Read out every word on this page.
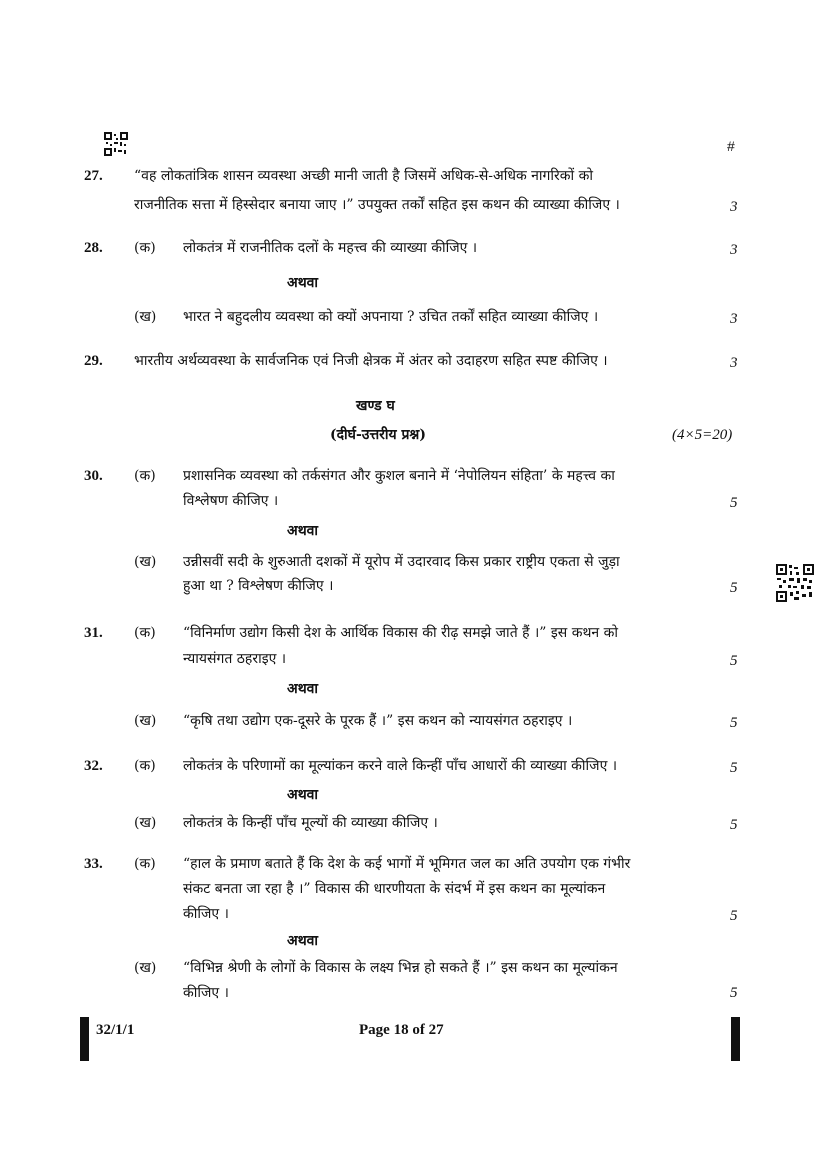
#
27. “वह लोकतांत्रिक शासन व्यवस्था अच्छी मानी जाती है जिसमें अधिक-से-अधिक नागरिकों को
राजनीतिक सत्ता में हिस्सेदार बनाया जाए ।” उपयुक्त तर्कों सहित इस कथन की व्याख्या कीजिए ।	3
28. (क) लोकतंत्र में राजनीतिक दलों के महत्त्व की व्याख्या कीजिए ।	3
अथवा
(ख) भारत ने बहुदलीय व्यवस्था को क्यों अपनाया ? उचित तर्कों सहित व्याख्या कीजिए ।	3
29. भारतीय अर्थव्यवस्था के सार्वजनिक एवं निजी क्षेत्रक में अंतर को उदाहरण सहित स्पष्ट कीजिए ।	3
खण्ड घ
(दीर्घ-उत्तरीय प्रश्न)	(4×5=20)
30. (क) प्रशासनिक व्यवस्था को तर्कसंगत और कुशल बनाने में ‘नेपोलियन संहिता’ के महत्त्व का
विश्लेषण कीजिए ।	5
अथवा
(ख) उन्नीसवीं सदी के शुरुआती दशकों में यूरोप में उदारवाद किस प्रकार राष्ट्रीय एकता से जुड़ा
हुआ था ? विश्लेषण कीजिए ।	5
31. (क) “विनिर्माण उद्योग किसी देश के आर्थिक विकास की रीढ़ समझे जाते हैं ।” इस कथन को
न्यायसंगत ठहराइए ।	5
अथवा
(ख) “कृषि तथा उद्योग एक-दूसरे के पूरक हैं ।” इस कथन को न्यायसंगत ठहराइए ।	5
32. (क) लोकतंत्र के परिणामों का मूल्यांकन करने वाले किन्हीं पाँच आधारों की व्याख्या कीजिए ।	5
अथवा
(ख) लोकतंत्र के किन्हीं पाँच मूल्यों की व्याख्या कीजिए ।	5
33. (क) “हाल के प्रमाण बताते हैं कि देश के कई भागों में भूमिगत जल का अति उपयोग एक गंभीर
संकट बनता जा रहा है ।” विकास की धारणीयता के संदर्भ में इस कथन का मूल्यांकन
कीजिए ।	5
अथवा
(ख) “विभिन्न श्रेणी के लोगों के विकास के लक्ष्य भिन्न हो सकते हैं ।” इस कथन का मूल्यांकन
कीजिए ।	5
32/1/1	Page 18 of 27
